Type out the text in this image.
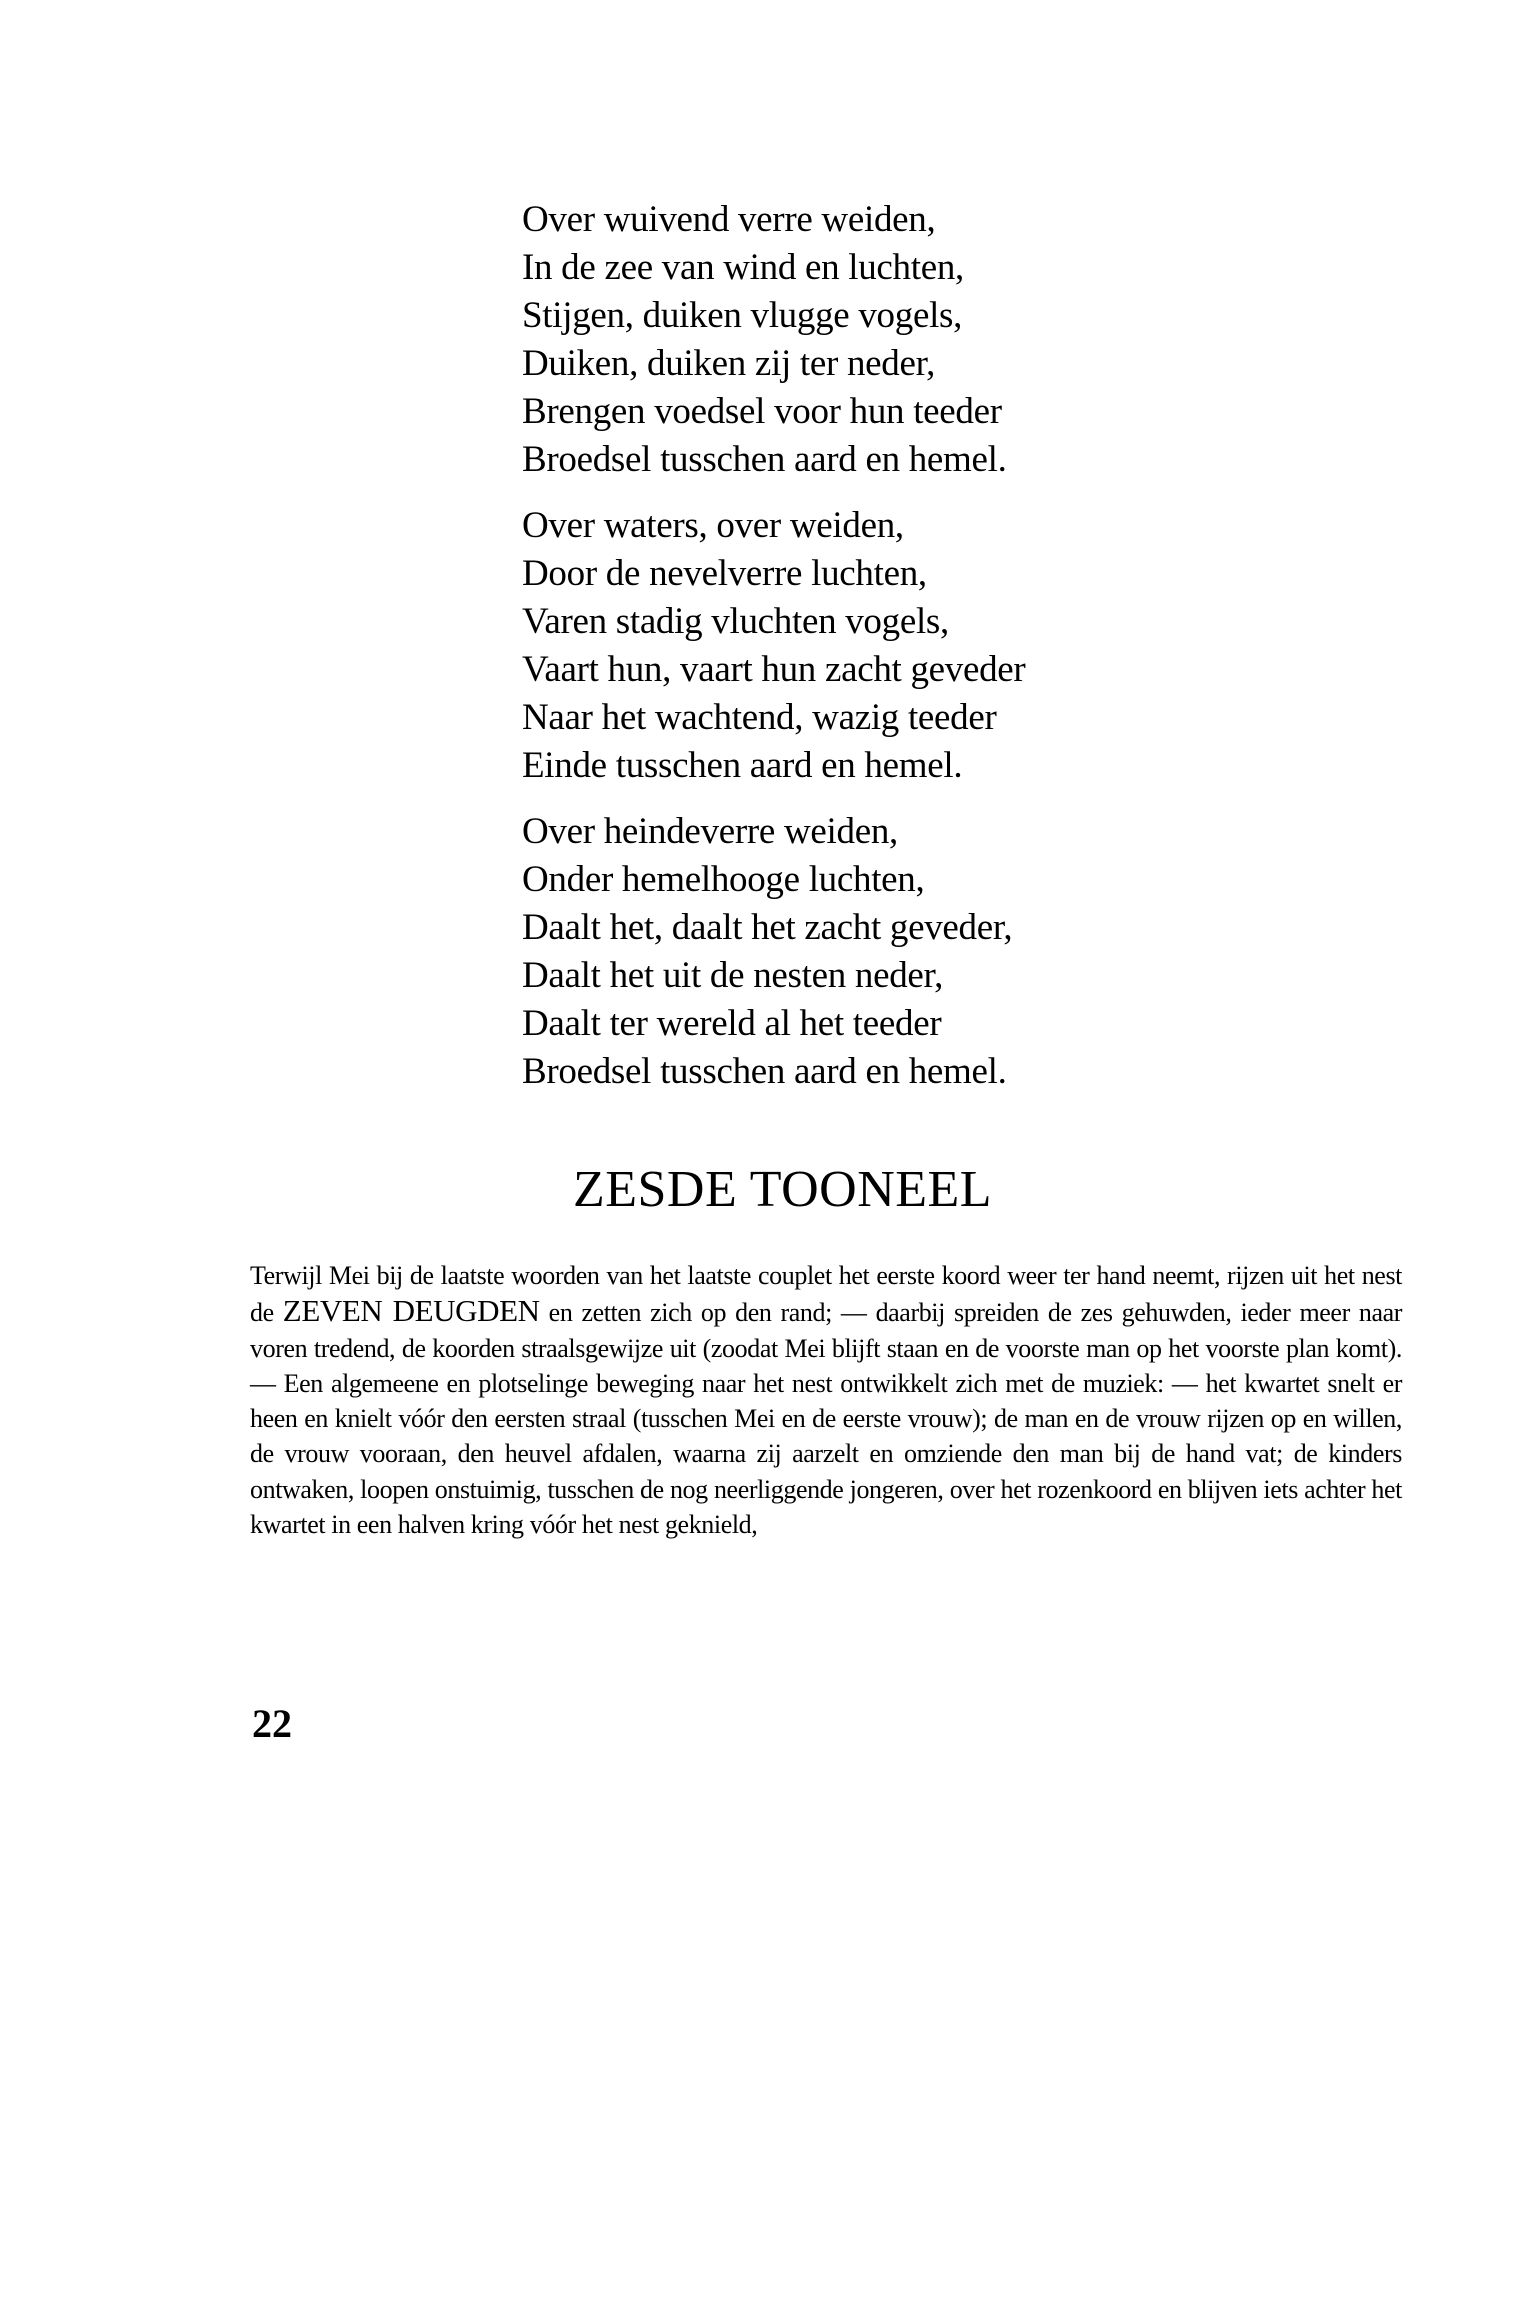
Over wuivend verre weiden,
In de zee van wind en luchten,
Stijgen, duiken vlugge vogels,
Duiken, duiken zij ter neder,
Brengen voedsel voor hun teeder
Broedsel tusschen aard en hemel.
Over waters, over weiden,
Door de nevelverre luchten,
Varen stadig vluchten vogels,
Vaart hun, vaart hun zacht geveder
Naar het wachtend, wazig teeder
Einde tusschen aard en hemel.
Over heindeverre weiden,
Onder hemelhooge luchten,
Daalt het, daalt het zacht geveder,
Daalt het uit de nesten neder,
Daalt ter wereld al het teeder
Broedsel tusschen aard en hemel.
ZESDE TOONEEL
Terwijl Mei bij de laatste woorden van het laatste couplet het eerste koord weer ter hand neemt, rijzen uit het nest de ZEVEN DEUGDEN en zetten zich op den rand; — daarbij spreiden de zes gehuwden, ieder meer naar voren tredend, de koorden straalsgewijze uit (zoodat Mei blijft staan en de voorste man op het voorste plan komt). — Een algemeene en plotselinge beweging naar het nest ontwikkelt zich met de muziek: — het kwartet snelt er heen en knielt vóór den eersten straal (tusschen Mei en de eerste vrouw); de man en de vrouw rijzen op en willen, de vrouw vooraan, den heuvel afdalen, waarna zij aarzelt en omziende den man bij de hand vat; de kinders ontwaken, loopen onstuimig, tusschen de nog neerliggende jongeren, over het rozenkoord en blijven iets achter het kwartet in een halven kring vóór het nest geknield,
22
